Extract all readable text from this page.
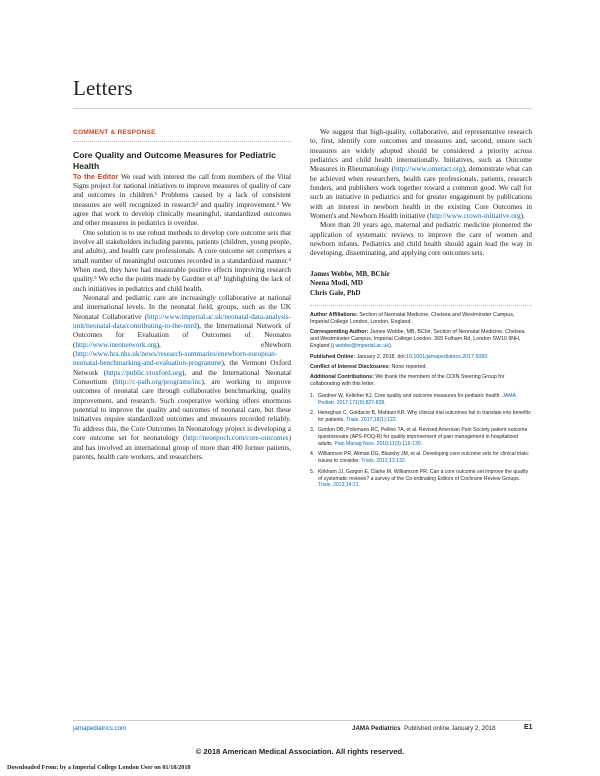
Letters
COMMENT & RESPONSE
Core Quality and Outcome Measures for Pediatric Health

To the Editor We read with interest the call from members of the Vital Signs project for national initiatives to improve measures of quality of care and outcomes in children.¹ Problems caused by a lack of consistent measures are well recognized in research² and quality improvement.³ We agree that work to develop clinically meaningful, standardized outcomes and other measures in pediatrics is overdue.

One solution is to use robust methods to develop core outcome sets that involve all stakeholders including parents, patients (children, young people, and adults), and health care professionals. A core outcome set comprises a small number of meaningful outcomes recorded in a standardized manner.⁴ When used, they have had measurable positive effects improving research quality.⁵ We echo the points made by Gardner et al¹ highlighting the lack of such initiatives in pediatrics and child health.

Neonatal and pediatric care are increasingly collaborative at national and international levels. In the neonatal field, groups, such as the UK Neonatal Collaborative (http://www.imperial.ac.uk/neonatal-data-analysis-unit/neonatal-data/contributing-to-the-nnrd), the International Network of Outcomes for Evaluation of Outcomes of Neonates (http://www.ineonetwork.org), eNewborn (http://www.hra.nhs.uk/news/research-summaries/enewborn-european-neonatal-benchmarking-and-evaluation-programme), the Vermont Oxford Network (https://public.vtoxford.org), and the International Neonatal Consortium (http://c-path.org/programs/inc), are working to improve outcomes of neonatal care through collaborative benchmarking, quality improvement, and research. Such cooperative working offers enormous potential to improve the quality and outcomes of neonatal care, but these initiatives require standardized outcomes and measures recorded reliably. To address this, the Core Outcomes In Neonatology project is developing a core outcome set for neonatology (http://neoepoch.com/core-outcomes) and has involved an international group of more than 400 former patients, parents, health care workers, and researchers.

We suggest that high-quality, collaborative, and representative research to, first, identify core outcomes and measures and, second, ensure such measures are widely adopted should be considered a priority across pediatrics and child health internationally. Initiatives, such as Outcome Measures in Rheumatology (http://www.omeract.org), demonstrate what can be achieved when researchers, health care professionals, patients, research funders, and publishers work together toward a common good. We call for such an initiative in pediatrics and for greater engagement by publications with an interest in newborn health in the existing Core Outcomes in Women's and Newborn Health initiative (http://www.crown-initiative.org).

More than 20 years ago, maternal and pediatric medicine pioneered the application of systematic reviews to improve the care of women and newborn infants. Pediatrics and child health should again lead the way in developing, disseminating, and applying core outcomes sets.

James Webbe, MB, BChir
Neena Modi, MD
Chris Gale, PhD
Author Affiliations: Section of Neonatal Medicine, Chelsea and Westminster Campus, Imperial College London, London, England.
Corresponding Author: James Webbe, MB, BChir, Section of Neonatal Medicine, Chelsea and Westminster Campus, Imperial College London, 369 Fulham Rd, London SW10 9NH, England (j.webbe@imperial.ac.uk).
Published Online: January 2, 2018. doi:10.1001/jamapediatrics.2017.5050
Conflict of Interest Disclosures: None reported.
Additional Contributions: We thank the members of the COIN Steering Group for collaborating with this letter.
1. Gardner W, Kelleher KJ. Core quality and outcome measures for pediatric health. JAMA Pediatr. 2017;171(9):827-828.
2. Heneghan C, Goldacre B, Mahtani KR. Why clinical trial outcomes fail to translate into benefits for patients. Trials. 2017;18(1):122.
3. Gordon DB, Polomano RC, Pellino TA, et al. Revised American Pain Society patient outcome questionnaire (APS-POQ-R) for quality improvement of pain management in hospitalized adults. Pain Manag Nurs. 2010;11(3):116-130.
4. Williamson PR, Altman DG, Blazeby JM, et al. Developing core outcome sets for clinical trials: issues to consider. Trials. 2012;13:132.
5. Kirkham JJ, Gargon E, Clarke M, Williamson PR. Can a core outcome set improve the quality of systematic reviews? a survey of the Co-ordinating Editors of Cochrane Review Groups. Trials. 2013;14:21.
jamapediatrics.com	JAMA Pediatrics Published online January 2, 2018	E1
© 2018 American Medical Association. All rights reserved.
Downloaded From: by a Imperial College London User on 01/18/2018
